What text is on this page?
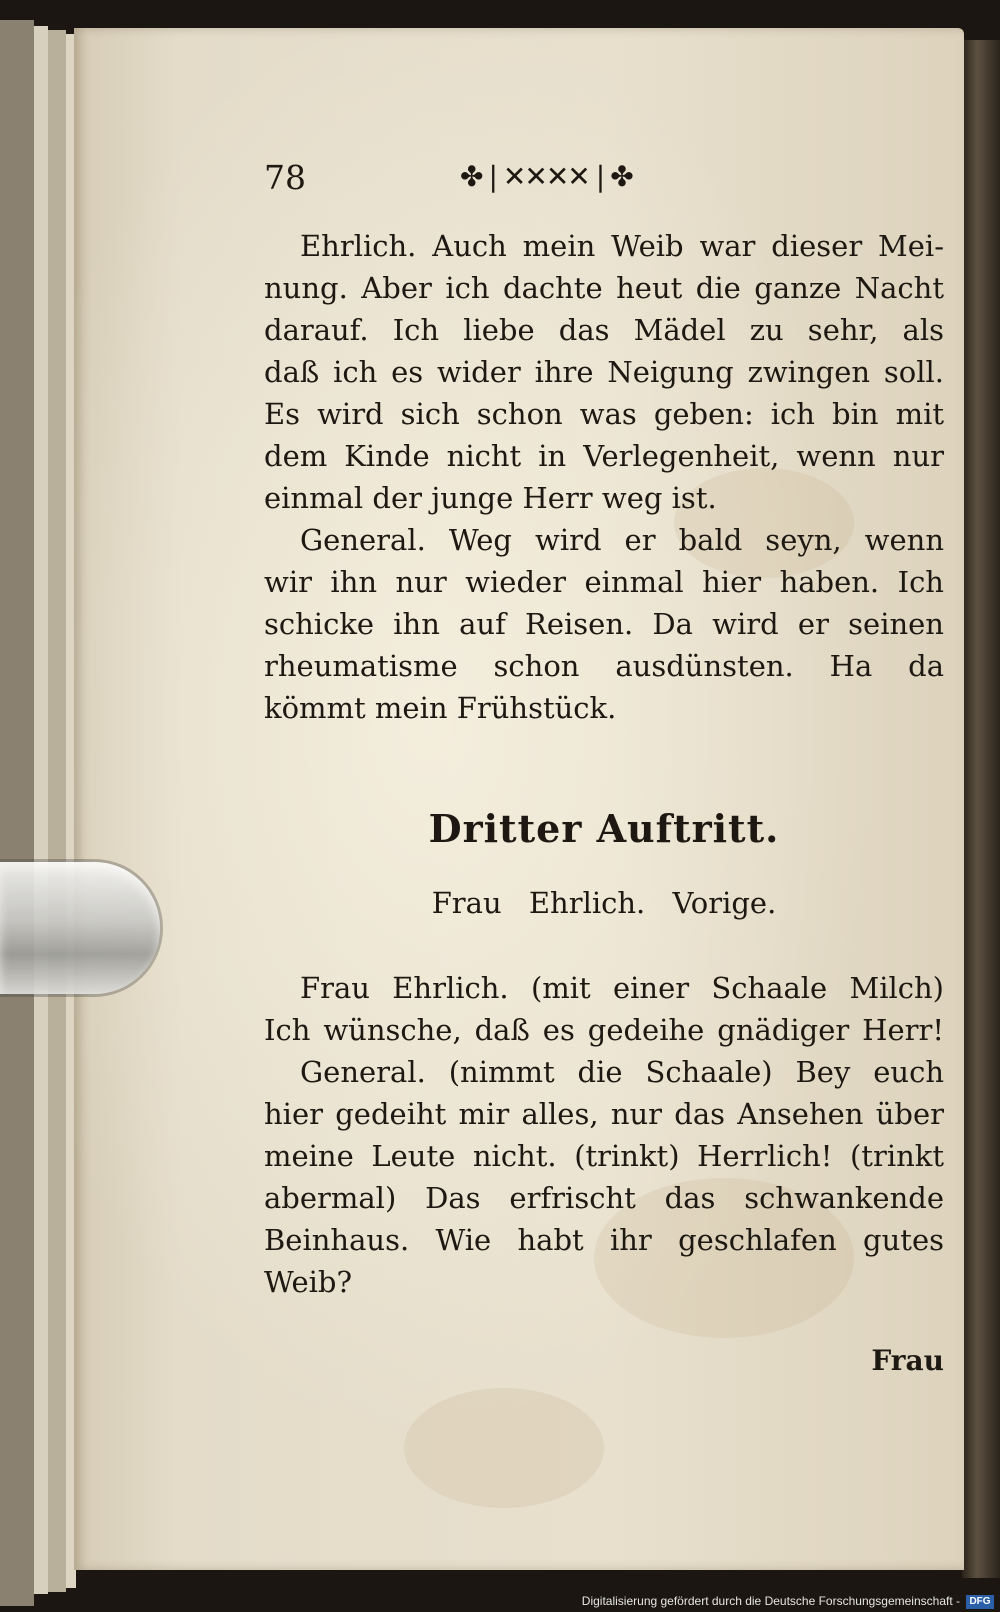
78	✤❘✕✕✕✕❘✤
Ehrlich. Auch mein Weib war dieser Mei-
nung. Aber ich dachte heut die ganze Nacht
darauf. Ich liebe das Mädel zu sehr, als
daß ich es wider ihre Neigung zwingen soll.
Es wird sich schon was geben: ich bin mit
dem Kinde nicht in Verlegenheit, wenn nur
einmal der junge Herr weg ist.
General. Weg wird er bald seyn, wenn
wir ihn nur wieder einmal hier haben. Ich
schicke ihn auf Reisen. Da wird er seinen
rheumatisme schon ausdünsten. Ha da
kömmt mein Frühstück.
Dritter Auftritt.
Frau Ehrlich. Vorige.
Frau Ehrlich. (mit einer Schaale Milch)
Ich wünsche, daß es gedeihe gnädiger Herr!
General. (nimmt die Schaale) Bey euch
hier gedeiht mir alles, nur das Ansehen über
meine Leute nicht. (trinkt) Herrlich! (trinkt
abermal) Das erfrischt das schwankende
Beinhaus. Wie habt ihr geschlafen gutes
Weib?
Frau
Digitalisierung gefördert durch die Deutsche Forschungsgemeinschaft - DFG
